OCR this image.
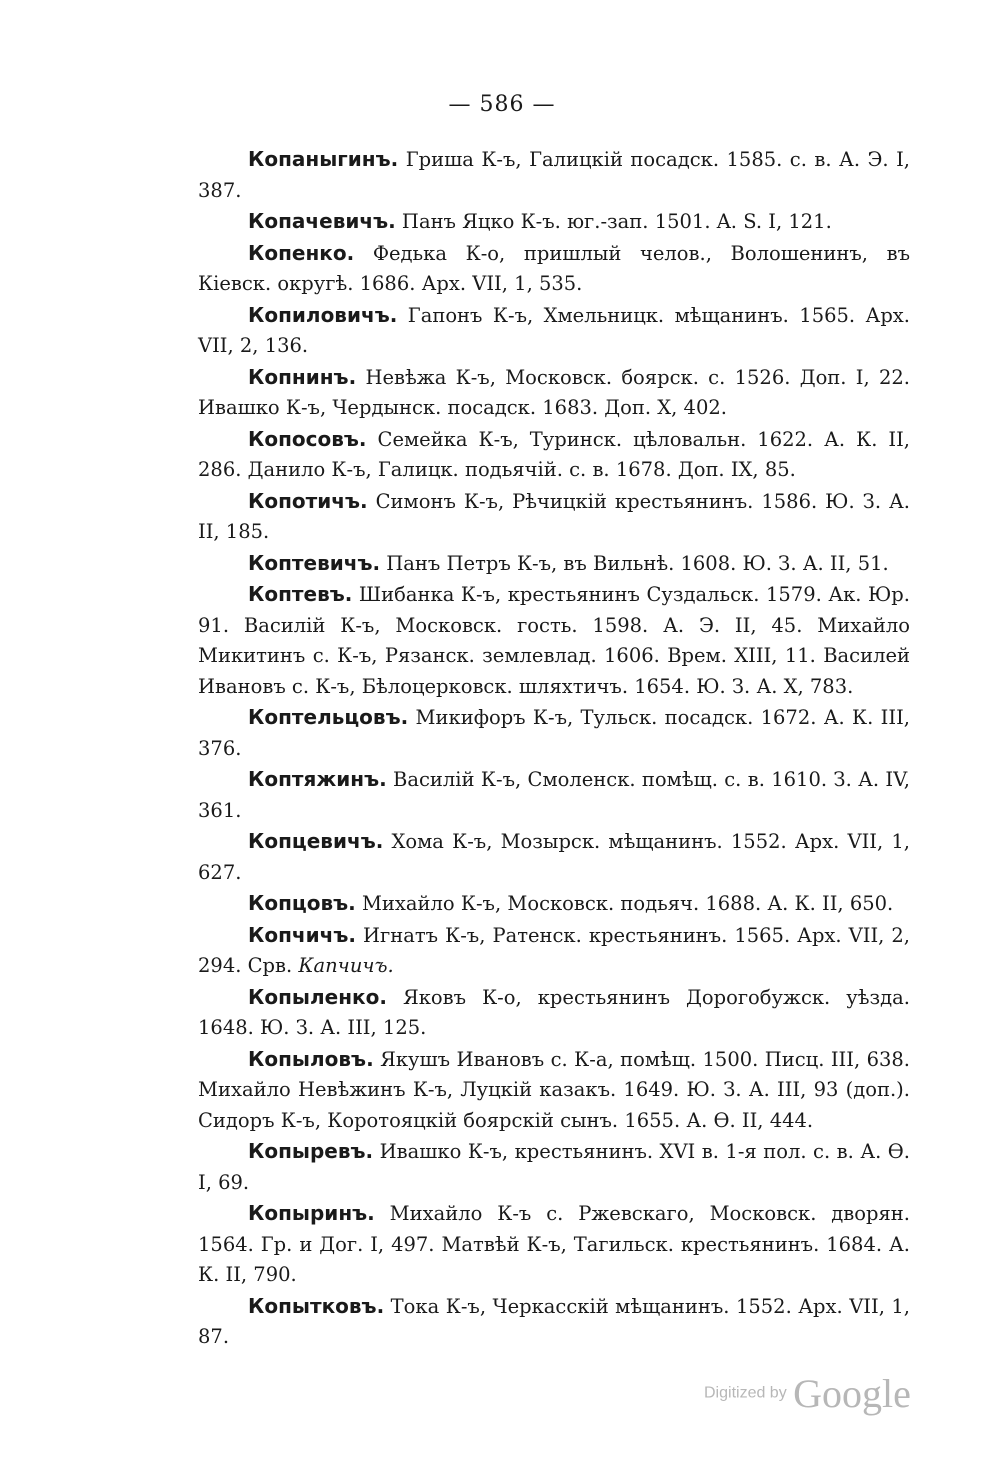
— 586 —

Копаныгинъ. Гриша К-ъ, Галицкій посадск. 1585. с. в. А. Э. I, 387.

Копачевичъ. Панъ Яцко К-ъ. юг.-зап. 1501. A. S. I, 121.

Копенко. Федька К-о, пришлый челов., Волошенинъ, въ Кіевск. округѣ. 1686. Арх. VII, 1, 535.

Копиловичъ. Гапонъ К-ъ, Хмельницк. мѣщанинъ. 1565. Арх. VII, 2, 136.

Копнинъ. Невѣжа К-ъ, Московск. боярск. с. 1526. Доп. I, 22. Ивашко К-ъ, Чердынск. посадск. 1683. Доп. X, 402.

Копосовъ. Семейка К-ъ, Туринск. цѣловальн. 1622. А. К. II, 286. Данило К-ъ, Галицк. подьячій. с. в. 1678. Доп. IX, 85.

Копотичъ. Симонъ К-ъ, Рѣчицкій крестьянинъ. 1586. Ю. З. А. II, 185.

Коптевичъ. Панъ Петръ К-ъ, въ Вильнѣ. 1608. Ю. З. А. II, 51.

Коптевъ. Шибанка К-ъ, крестьянинъ Суздальск. 1579. Ак. Юр. 91. Василій К-ъ, Московск. гость. 1598. А. Э. II, 45. Михайло Микитинъ с. К-ъ, Рязанск. землевлад. 1606. Врем. XIII, 11. Василей Ивановъ с. К-ъ, Бѣлоцерковск. шляхтичъ. 1654. Ю. З. А. X, 783.

Коптельцовъ. Микифоръ К-ъ, Тульск. посадск. 1672. А. К. III, 376.

Коптяжинъ. Василій К-ъ, Смоленск. помѣщ. с. в. 1610. З. А. IV, 361.

Копцевичъ. Хома К-ъ, Мозырск. мѣщанинъ. 1552. Арх. VII, 1, 627.

Копцовъ. Михайло К-ъ, Московск. подьяч. 1688. А. К. II, 650.

Копчичъ. Игнатъ К-ъ, Ратенск. крестьянинъ. 1565. Арх. VII, 2, 294. Срв. Капчичъ.

Копыленко. Яковъ К-о, крестьянинъ Дорогобужск. уѣзда. 1648. Ю. З. А. III, 125.

Копыловъ. Якушъ Ивановъ с. К-а, помѣщ. 1500. Писц. III, 638. Михайло Невѣжинъ К-ъ, Луцкій казакъ. 1649. Ю. З. А. III, 93 (доп.). Сидоръ К-ъ, Коротояцкій боярскій сынъ. 1655. А. Ѳ. II, 444.

Копыревъ. Ивашко К-ъ, крестьянинъ. XVI в. 1-я пол. с. в. А. Ѳ. I, 69.

Копыринъ. Михайло К-ъ с. Ржевскаго, Московск. дворян. 1564. Гр. и Дог. I, 497. Матвѣй К-ъ, Тагильск. крестьянинъ. 1684. А. К. II, 790.

Копытковъ. Тока К-ъ, Черкасскій мѣщанинъ. 1552. Арх. VII, 1, 87.

Digitized by Google
